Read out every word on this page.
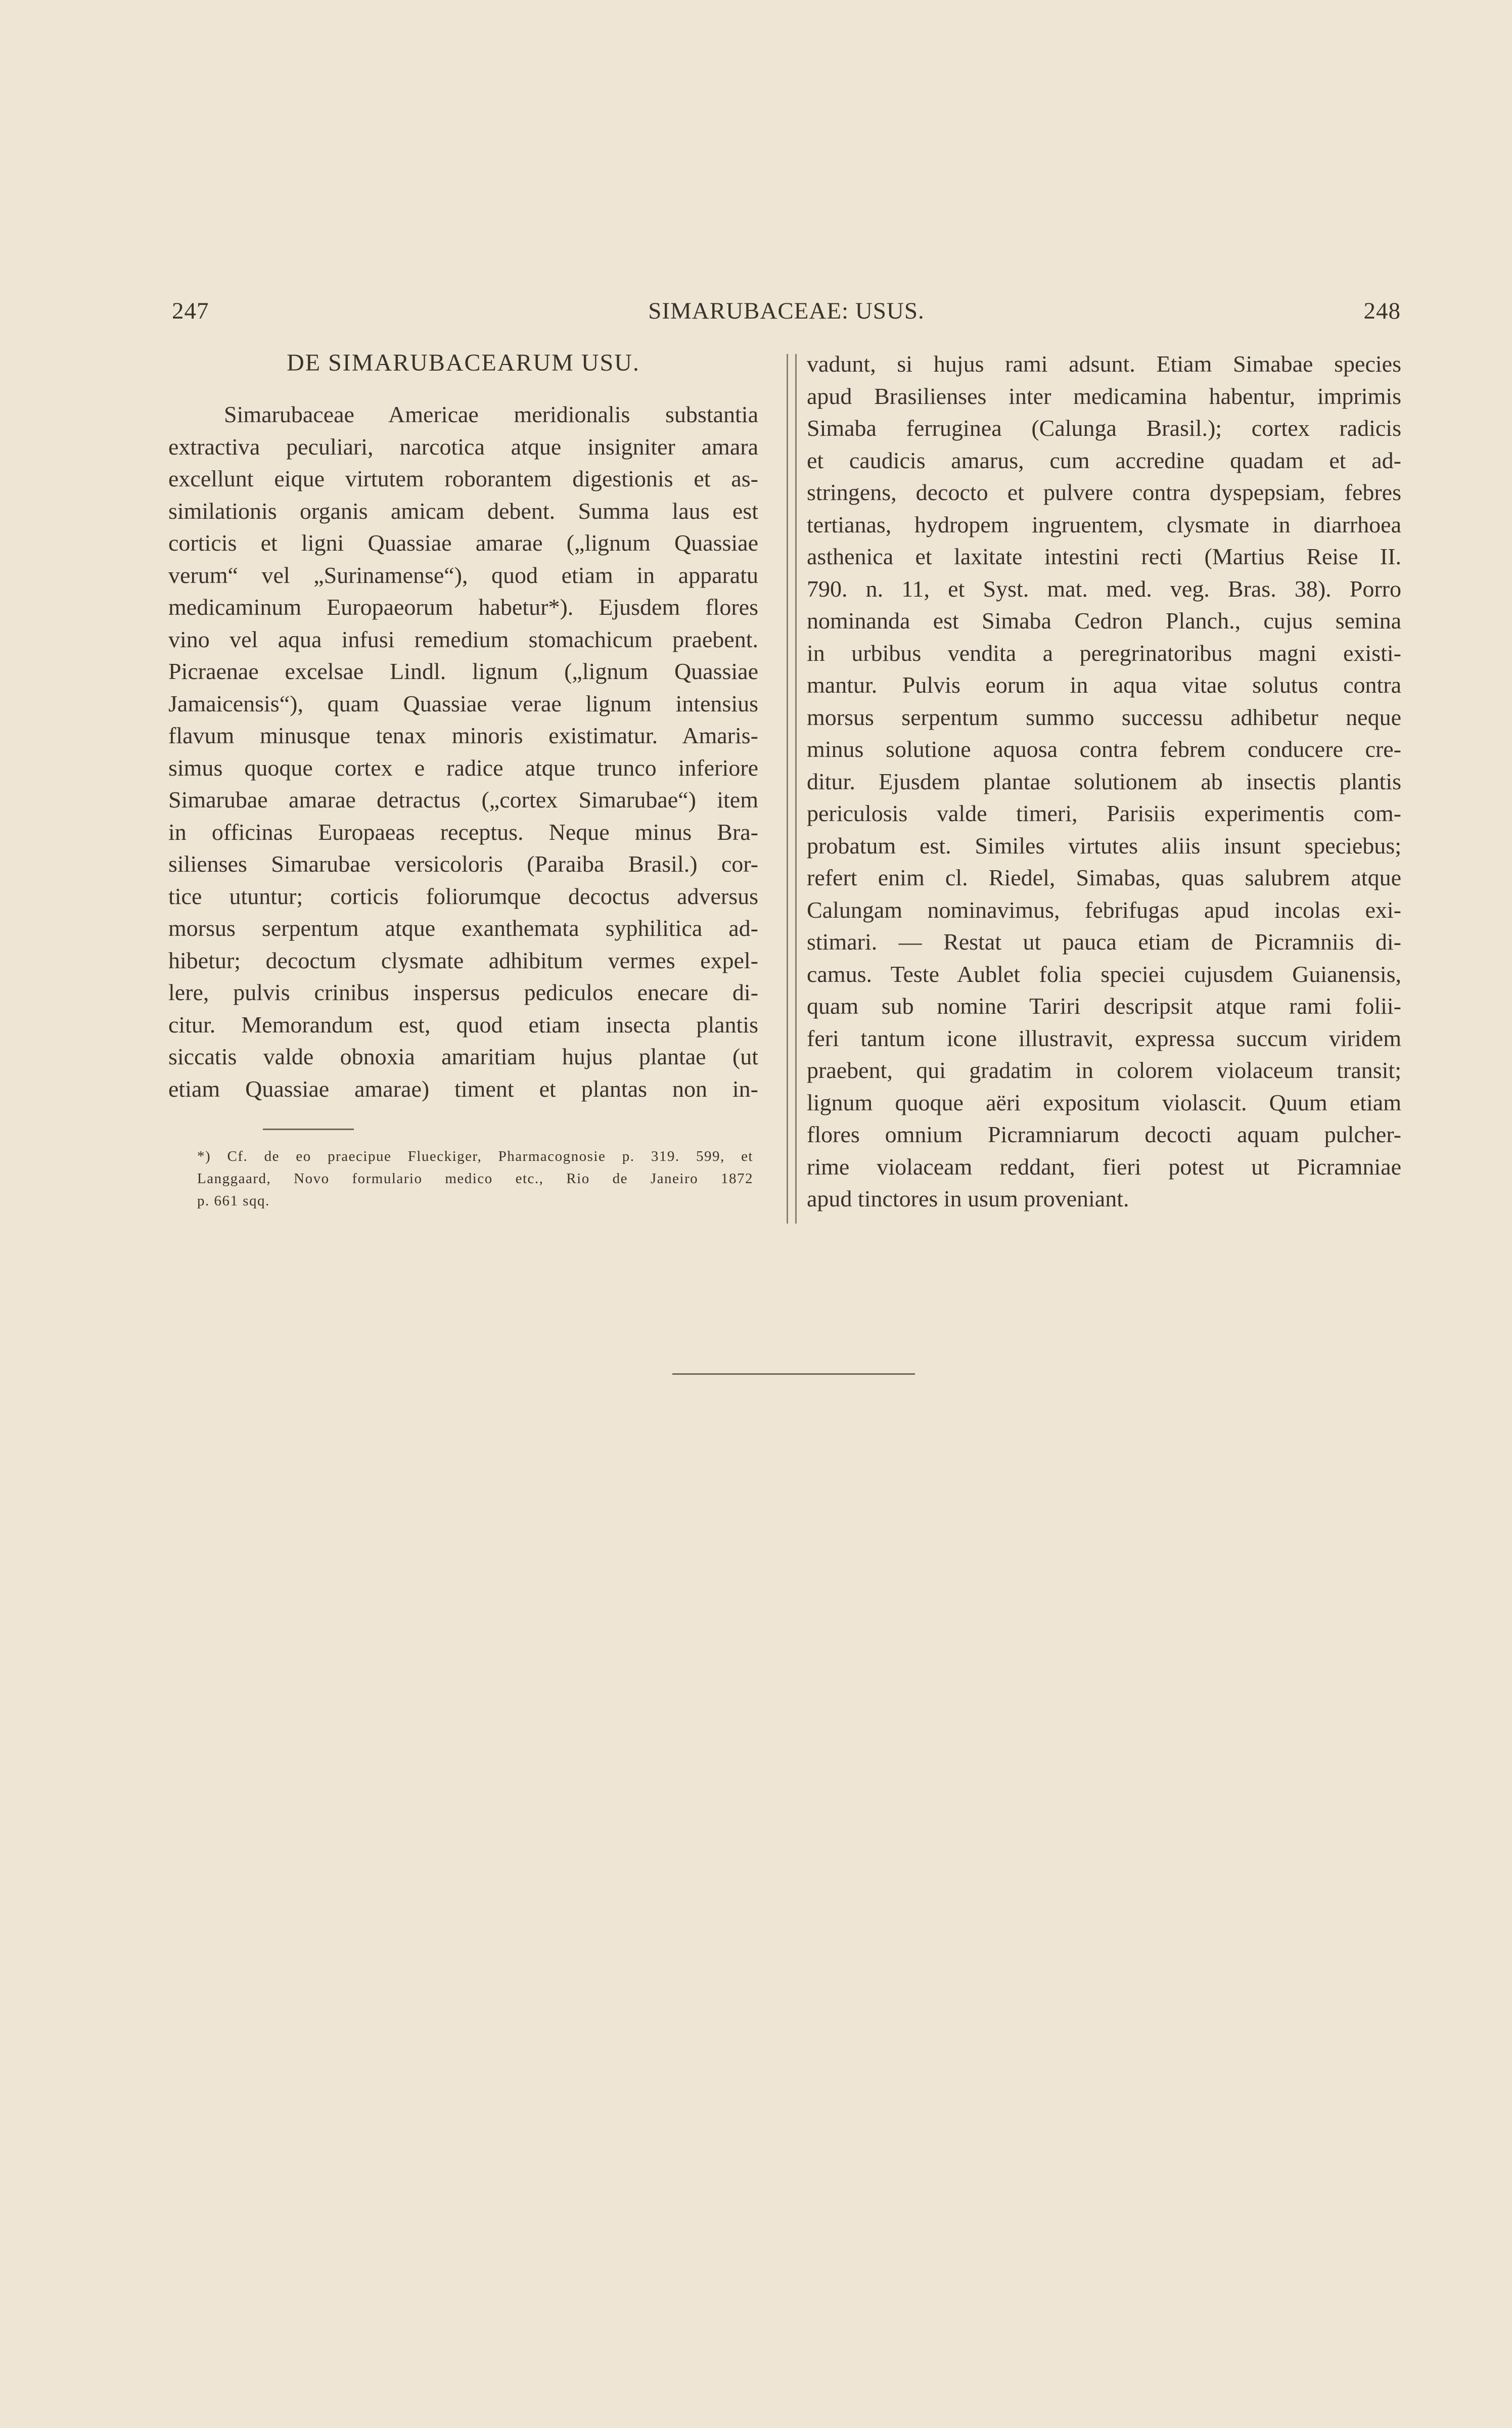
247	SIMARUBACEAE: USUS.	248
DE SIMARUBACEARUM USU.

Simarubaceae Americae meridionalis substantia
extractiva peculiari, narcotica atque insigniter amara
excellunt eique virtutem roborantem digestionis et as-
similationis organis amicam debent. Summa laus est
corticis et ligni Quassiae amarae („lignum Quassiae
verum“ vel „Surinamense“), quod etiam in apparatu
medicaminum Europaeorum habetur*). Ejusdem flores
vino vel aqua infusi remedium stomachicum praebent.
Picraenae excelsae Lindl. lignum („lignum Quassiae
Jamaicensis“), quam Quassiae verae lignum intensius
flavum minusque tenax minoris existimatur. Amaris-
simus quoque cortex e radice atque trunco inferiore
Simarubae amarae detractus („cortex Simarubae“) item
in officinas Europaeas receptus. Neque minus Bra-
silienses Simarubae versicoloris (Paraiba Brasil.) cor-
tice utuntur; corticis foliorumque decoctus adversus
morsus serpentum atque exanthemata syphilitica ad-
hibetur; decoctum clysmate adhibitum vermes expel-
lere, pulvis crinibus inspersus pediculos enecare di-
citur. Memorandum est, quod etiam insecta plantis
siccatis valde obnoxia amaritiam hujus plantae (ut
etiam Quassiae amarae) timent et plantas non in-

*) Cf. de eo praecipue Flueckiger, Pharmacognosie p. 319. 599, et
Langgaard, Novo formulario medico etc., Rio de Janeiro 1872
p. 661 sqq.

vadunt, si hujus rami adsunt. Etiam Simabae species
apud Brasilienses inter medicamina habentur, imprimis
Simaba ferruginea (Calunga Brasil.); cortex radicis
et caudicis amarus, cum accredine quadam et ad-
stringens, decocto et pulvere contra dyspepsiam, febres
tertianas, hydropem ingruentem, clysmate in diarrhoea
asthenica et laxitate intestini recti (Martius Reise II.
790. n. 11, et Syst. mat. med. veg. Bras. 38). Porro
nominanda est Simaba Cedron Planch., cujus semina
in urbibus vendita a peregrinatoribus magni existi-
mantur. Pulvis eorum in aqua vitae solutus contra
morsus serpentum summo successu adhibetur neque
minus solutione aquosa contra febrem conducere cre-
ditur. Ejusdem plantae solutionem ab insectis plantis
periculosis valde timeri, Parisiis experimentis com-
probatum est. Similes virtutes aliis insunt speciebus;
refert enim cl. Riedel, Simabas, quas salubrem atque
Calungam nominavimus, febrifugas apud incolas exi-
stimari. — Restat ut pauca etiam de Picramniis di-
camus. Teste Aublet folia speciei cujusdem Guianensis,
quam sub nomine Tariri descripsit atque rami folii-
feri tantum icone illustravit, expressa succum viridem
praebent, qui gradatim in colorem violaceum transit;
lignum quoque aëri expositum violascit. Quum etiam
flores omnium Picramniarum decocti aquam pulcher-
rime violaceam reddant, fieri potest ut Picramniae
apud tinctores in usum proveniant.
